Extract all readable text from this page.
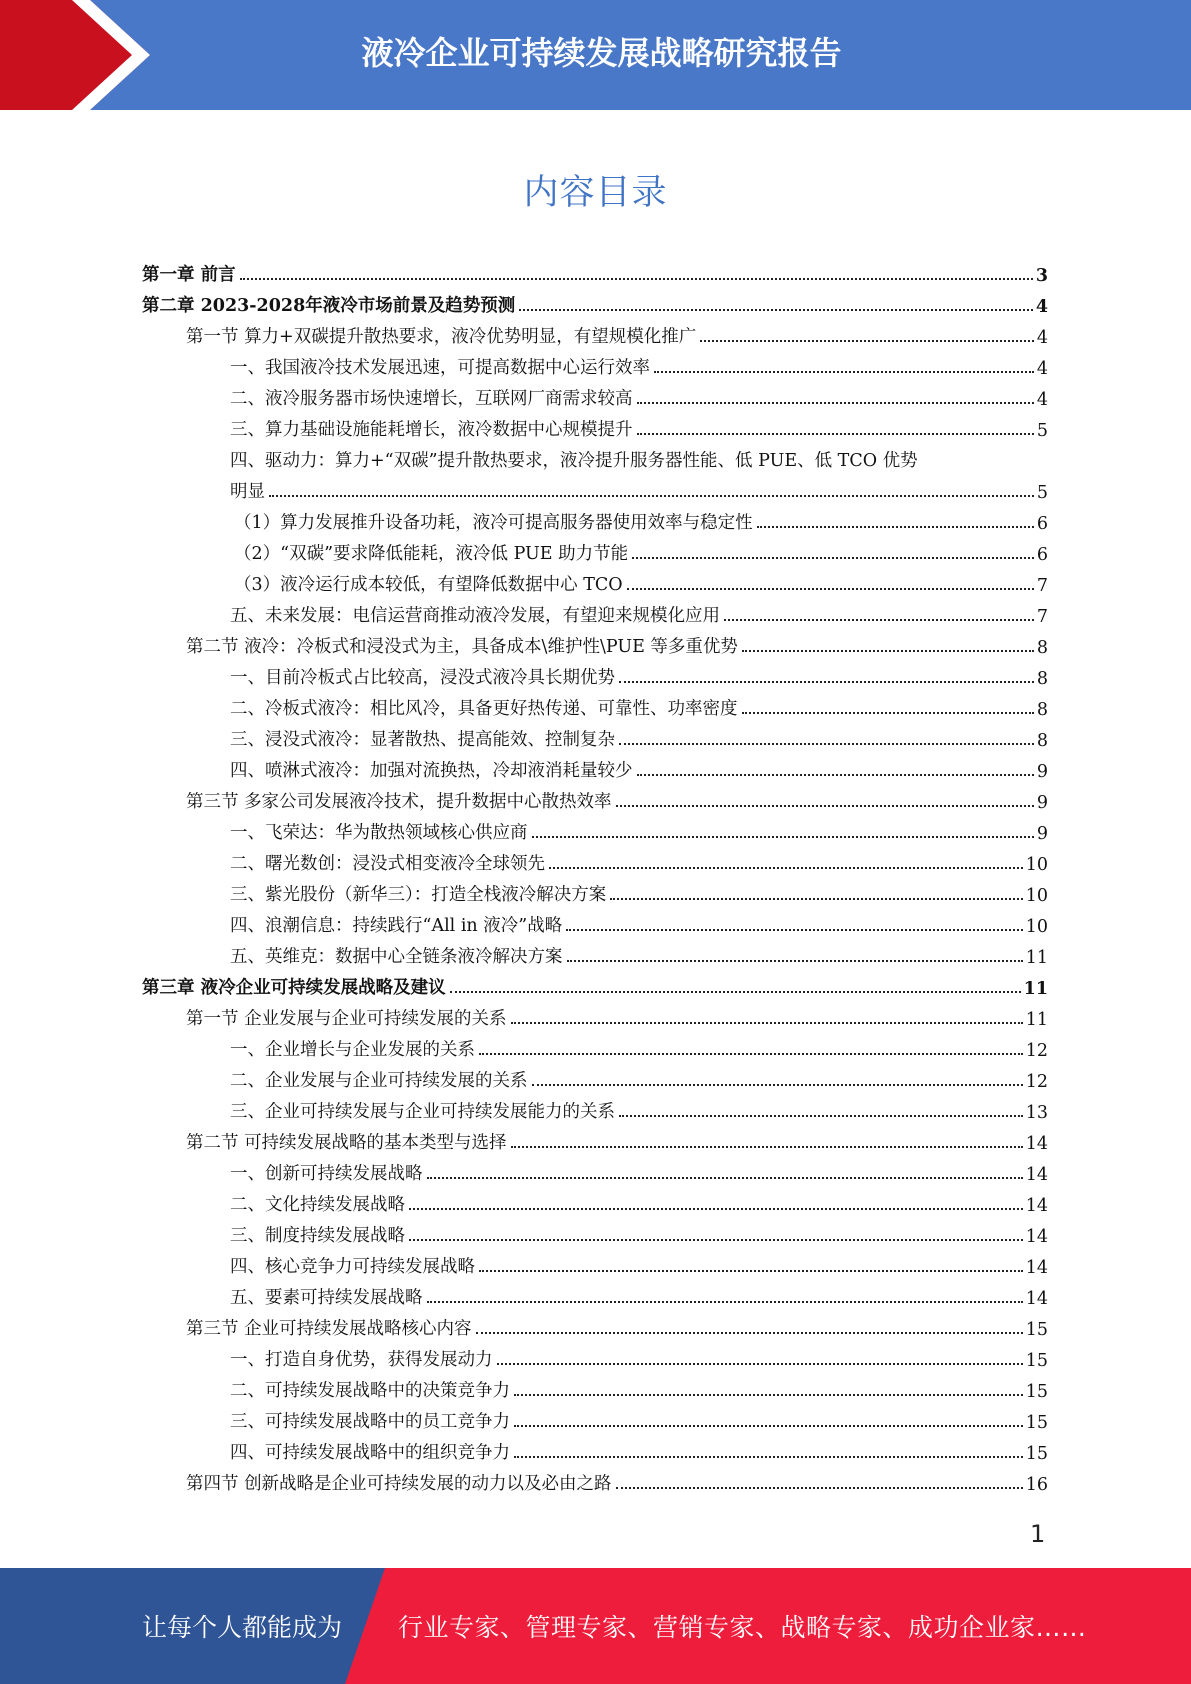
液冷企业可持续发展战略研究报告
内容目录
第一章 前言	3
第二章 2023-2028年液冷市场前景及趋势预测	4
第一节 算力+双碳提升散热要求，液冷优势明显，有望规模化推广	4
一、我国液冷技术发展迅速，可提高数据中心运行效率	4
二、液冷服务器市场快速增长，互联网厂商需求较高	4
三、算力基础设施能耗增长，液冷数据中心规模提升	5
四、驱动力：算力+“双碳”提升散热要求，液冷提升服务器性能、低 PUE、低 TCO 优势
明显	5
（1）算力发展推升设备功耗，液冷可提高服务器使用效率与稳定性	6
（2）“双碳”要求降低能耗，液冷低 PUE 助力节能	6
（3）液冷运行成本较低，有望降低数据中心 TCO	7
五、未来发展：电信运营商推动液冷发展，有望迎来规模化应用	7
第二节 液冷：冷板式和浸没式为主，具备成本\维护性\PUE 等多重优势	8
一、目前冷板式占比较高，浸没式液冷具长期优势	8
二、冷板式液冷：相比风冷，具备更好热传递、可靠性、功率密度	8
三、浸没式液冷：显著散热、提高能效、控制复杂	8
四、喷淋式液冷：加强对流换热，冷却液消耗量较少	9
第三节 多家公司发展液冷技术，提升数据中心散热效率	9
一、飞荣达：华为散热领域核心供应商	9
二、曙光数创：浸没式相变液冷全球领先	10
三、紫光股份（新华三）：打造全栈液冷解决方案	10
四、浪潮信息：持续践行“All in 液冷”战略	10
五、英维克：数据中心全链条液冷解决方案	11
第三章 液冷企业可持续发展战略及建议	11
第一节 企业发展与企业可持续发展的关系	11
一、企业增长与企业发展的关系	12
二、企业发展与企业可持续发展的关系	12
三、企业可持续发展与企业可持续发展能力的关系	13
第二节 可持续发展战略的基本类型与选择	14
一、创新可持续发展战略	14
二、文化持续发展战略	14
三、制度持续发展战略	14
四、核心竞争力可持续发展战略	14
五、要素可持续发展战略	14
第三节 企业可持续发展战略核心内容	15
一、打造自身优势，获得发展动力	15
二、可持续发展战略中的决策竞争力	15
三、可持续发展战略中的员工竞争力	15
四、可持续发展战略中的组织竞争力	15
第四节 创新战略是企业可持续发展的动力以及必由之路	16
1
让每个人都能成为 行业专家、管理专家、营销专家、战略专家、成功企业家……
